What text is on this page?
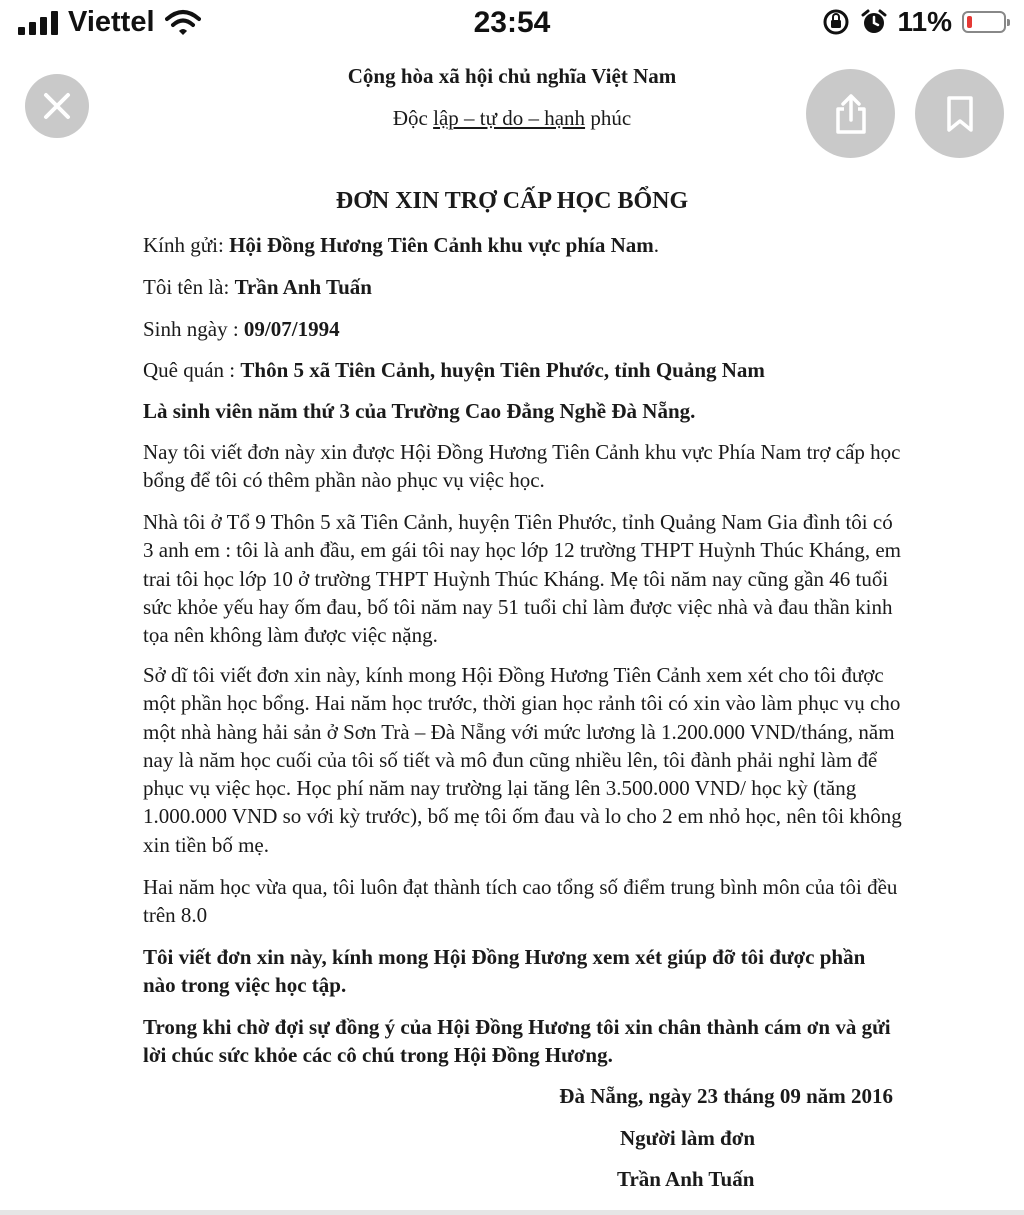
Viettel	23:54	11%
Cộng hòa xã hội chủ nghĩa Việt Nam
Độc lập – tự do – hạnh phúc
ĐƠN XIN TRỢ CẤP HỌC BỔNG
Kính gửi: Hội Đồng Hương Tiên Cảnh khu vực phía Nam.
Tôi tên là: Trần Anh Tuấn
Sinh ngày : 09/07/1994
Quê quán : Thôn 5 xã Tiên Cảnh, huyện Tiên Phước, tỉnh Quảng Nam
Là sinh viên năm thứ 3 của Trường Cao Đẳng Nghề Đà Nẵng.
Nay tôi viết đơn này xin được Hội Đồng Hương Tiên Cảnh khu vực Phía Nam trợ cấp học bổng để tôi có thêm phần nào phục vụ việc học.
Nhà tôi ở Tổ 9 Thôn 5 xã Tiên Cảnh, huyện Tiên Phước, tỉnh Quảng Nam Gia đình tôi có 3 anh em : tôi là anh đầu, em gái tôi nay học lớp 12 trường THPT Huỳnh Thúc Kháng, em trai tôi học lớp 10 ở trường THPT Huỳnh Thúc Kháng. Mẹ tôi năm nay cũng gần 46 tuổi sức khỏe yếu hay ốm đau, bố tôi năm nay 51 tuổi chỉ làm được việc nhà và đau thần kinh tọa nên không làm được việc nặng.
Sở dĩ tôi viết đơn xin này, kính mong Hội Đồng Hương Tiên Cảnh xem xét cho tôi được một phần học bổng. Hai năm học trước, thời gian học rảnh tôi có xin vào làm phục vụ cho một nhà hàng hải sản ở Sơn Trà – Đà Nẵng với mức lương là 1.200.000 VND/tháng, năm nay là năm học cuối của tôi số tiết và mô đun cũng nhiều lên, tôi đành phải nghỉ làm để phục vụ việc học. Học phí năm nay trường lại tăng lên 3.500.000 VND/ học kỳ (tăng 1.000.000 VND so với kỳ trước), bố mẹ tôi ốm đau và lo cho 2 em nhỏ học, nên tôi không xin tiền bố mẹ.
Hai năm học vừa qua, tôi luôn đạt thành tích cao tổng số điểm trung bình môn của tôi đều trên 8.0
Tôi viết đơn xin này, kính mong Hội Đồng Hương xem xét giúp đỡ tôi được phần nào trong việc học tập.
Trong khi chờ đợi sự đồng ý của Hội Đồng Hương tôi xin chân thành cám ơn và gửi lời chúc sức khỏe các cô chú trong Hội Đồng Hương.
Đà Nẵng, ngày 23 tháng 09 năm 2016
Người làm đơn
Trần Anh Tuấn
